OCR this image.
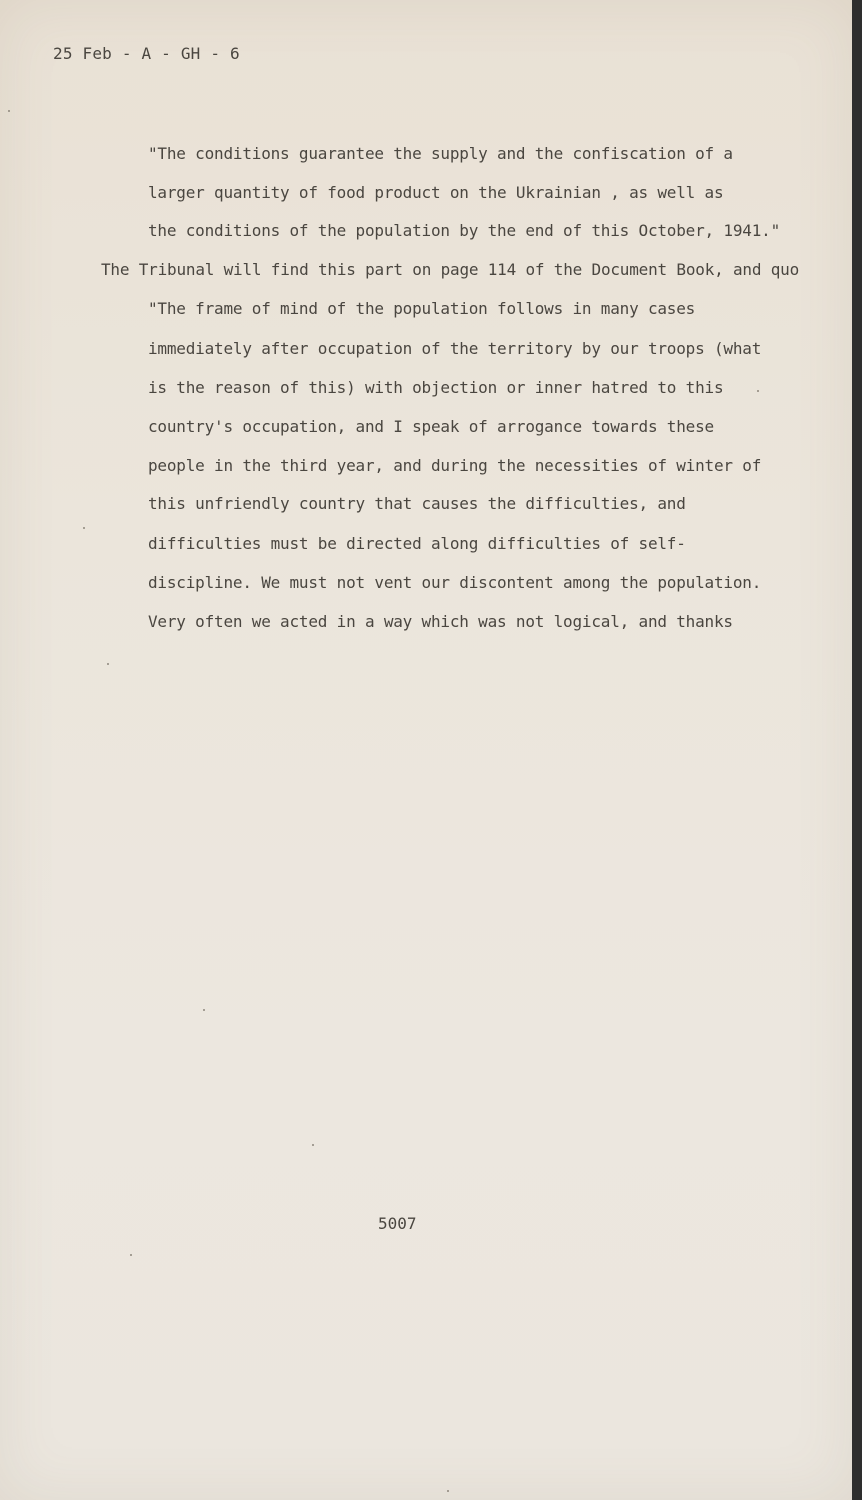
25 Feb - A - GH - 6
"The conditions guarantee the supply and the confiscation of a
larger quantity of food product on the Ukrainian , as well as
the conditions of the population by the end of this October, 1941."
The Tribunal will find this part on page 114 of the Document Book, and quo
"The frame of mind of the population follows in many cases
immediately after occupation of the territory by our troops (what
is the reason of this) with objection or inner hatred to this
country's occupation, and I speak of arrogance towards these
people in the third year, and during the necessities of winter of
this unfriendly country that causes the difficulties, and
difficulties must be directed along difficulties of self-
discipline. We must not vent our discontent among the population.
Very often we acted in a way which was not logical, and thanks
5007
